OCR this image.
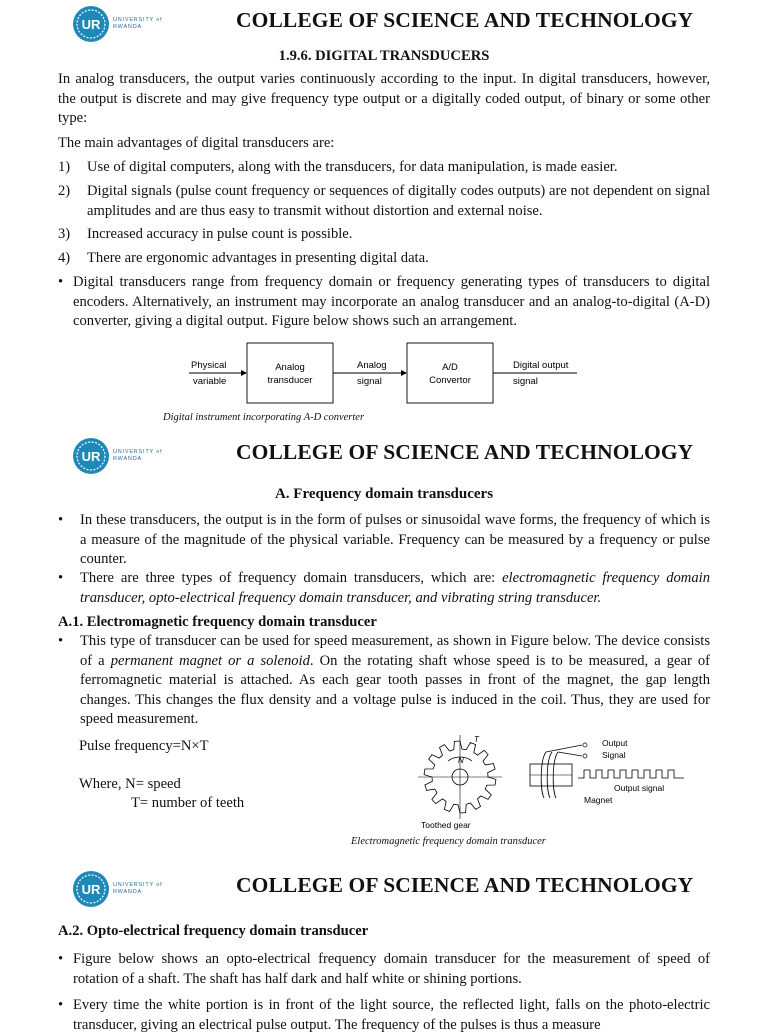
UR UNIVERSITY of
RWANDA	COLLEGE OF SCIENCE AND TECHNOLOGY
1.9.6. DIGITAL TRANSDUCERS
In analog transducers, the output varies continuously according to the input. In digital transducers, however, the output is discrete and may give frequency type output or a digitally coded output, of binary or some other type:
The main advantages of digital transducers are:
1) Use of digital computers, along with the transducers, for data manipulation, is made easier.
2) Digital signals (pulse count frequency or sequences of digitally codes outputs) are not dependent on signal amplitudes and are thus easy to transmit without distortion and external noise.
3) Increased accuracy in pulse count is possible.
4) There are ergonomic advantages in presenting digital data.
• Digital transducers range from frequency domain or frequency generating types of transducers to digital encoders. Alternatively, an instrument may incorporate an analog transducer and an analog-to-digital (A-D) converter, giving a digital output. Figure below shows such an arrangement.
Physical
variable
Analog
transducer
Analog
signal
A/D
Convertor
Digital output
signal
Digital instrument incorporating A-D converter
UR UNIVERSITY of
RWANDA	COLLEGE OF SCIENCE AND TECHNOLOGY
A. Frequency domain transducers
• In these transducers, the output is in the form of pulses or sinusoidal wave forms, the frequency of which is a measure of the magnitude of the physical variable. Frequency can be measured by a frequency or pulse counter.
• There are three types of frequency domain transducers, which are: electromagnetic frequency domain transducer, opto-electrical frequency domain transducer, and vibrating string transducer.
A.1. Electromagnetic frequency domain transducer
• This type of transducer can be used for speed measurement, as shown in Figure below. The device consists of a permanent magnet or a solenoid. On the rotating shaft whose speed is to be measured, a gear of ferromagnetic material is attached. As each gear tooth passes in front of the magnet, the gap length changes. This changes the flux density and a voltage pulse is induced in the coil. Thus, they are used for speed measurement.
Pulse frequency=N×T
Where, N= speed
T= number of teeth
T
N
Toothed gear
Output
Signal
Output signal
Magnet
Electromagnetic frequency domain transducer
UR UNIVERSITY of
RWANDA	COLLEGE OF SCIENCE AND TECHNOLOGY
A.2. Opto-electrical frequency domain transducer
• Figure below shows an opto-electrical frequency domain transducer for the measurement of speed of rotation of a shaft. The shaft has half dark and half white or shining portions.
• Every time the white portion is in front of the light source, the reflected light, falls on the photo-electric transducer, giving an electrical pulse output. The frequency of the pulses is thus a measure
